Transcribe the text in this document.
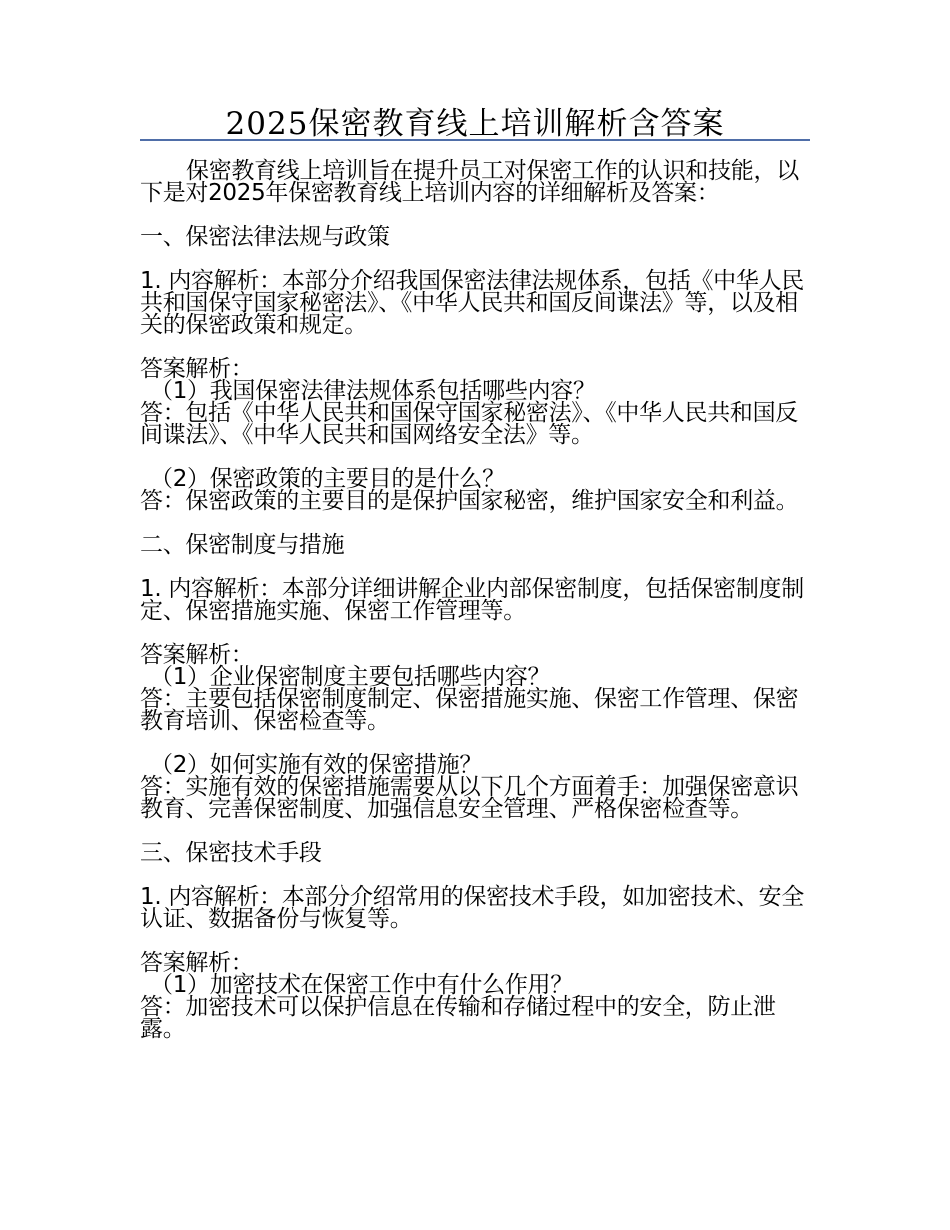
2025保密教育线上培训解析含答案

保密教育线上培训旨在提升员工对保密工作的认识和技能，以下是对2025年保密教育线上培训内容的详细解析及答案：

一、保密法律法规与政策

1. 内容解析：本部分介绍我国保密法律法规体系，包括《中华人民共和国保守国家秘密法》、《中华人民共和国反间谍法》等，以及相关的保密政策和规定。

答案解析：

（1）我国保密法律法规体系包括哪些内容？

答：包括《中华人民共和国保守国家秘密法》、《中华人民共和国反间谍法》、《中华人民共和国网络安全法》等。

（2）保密政策的主要目的是什么？

答：保密政策的主要目的是保护国家秘密，维护国家安全和利益。

二、保密制度与措施

1. 内容解析：本部分详细讲解企业内部保密制度，包括保密制度制定、保密措施实施、保密工作管理等。

答案解析：

（1）企业保密制度主要包括哪些内容？

答：主要包括保密制度制定、保密措施实施、保密工作管理、保密教育培训、保密检查等。

（2）如何实施有效的保密措施？

答：实施有效的保密措施需要从以下几个方面着手：加强保密意识教育、完善保密制度、加强信息安全管理、严格保密检查等。

三、保密技术手段

1. 内容解析：本部分介绍常用的保密技术手段，如加密技术、安全认证、数据备份与恢复等。

答案解析：

（1）加密技术在保密工作中有什么作用？

答：加密技术可以保护信息在传输和存储过程中的安全，防止泄露。
